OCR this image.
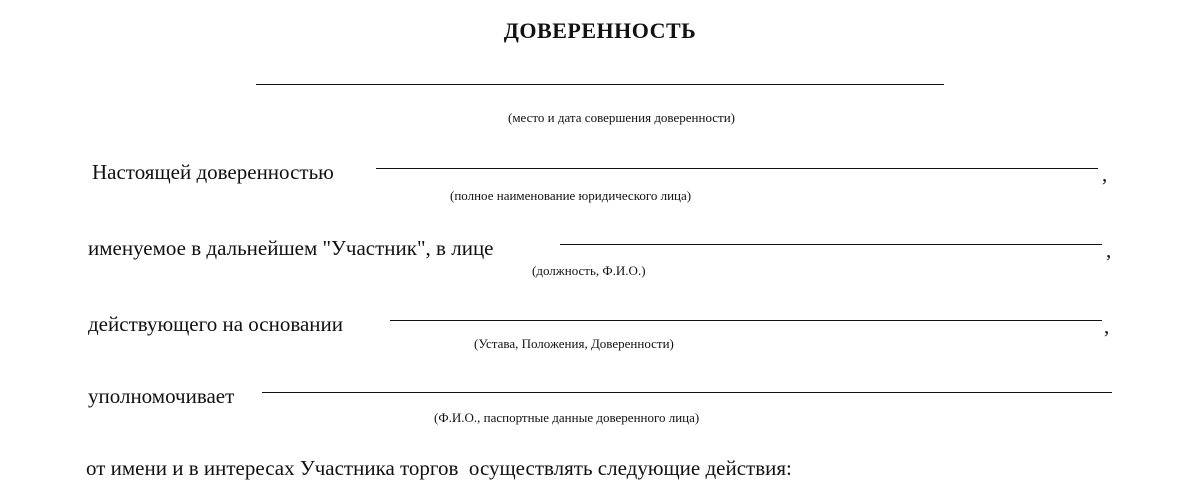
ДОВЕРЕННОСТЬ
(место и дата совершения доверенности)
Настоящей доверенностью	,
(полное наименование юридического лица)
именуемое в дальнейшем "Участник", в лице	,
(должность, Ф.И.О.)
действующего на основании	,
(Устава, Положения, Доверенности)
уполномочивает
(Ф.И.О., паспортные данные доверенного лица)
от имени и в интересах Участника торгов  осуществлять следующие действия:
